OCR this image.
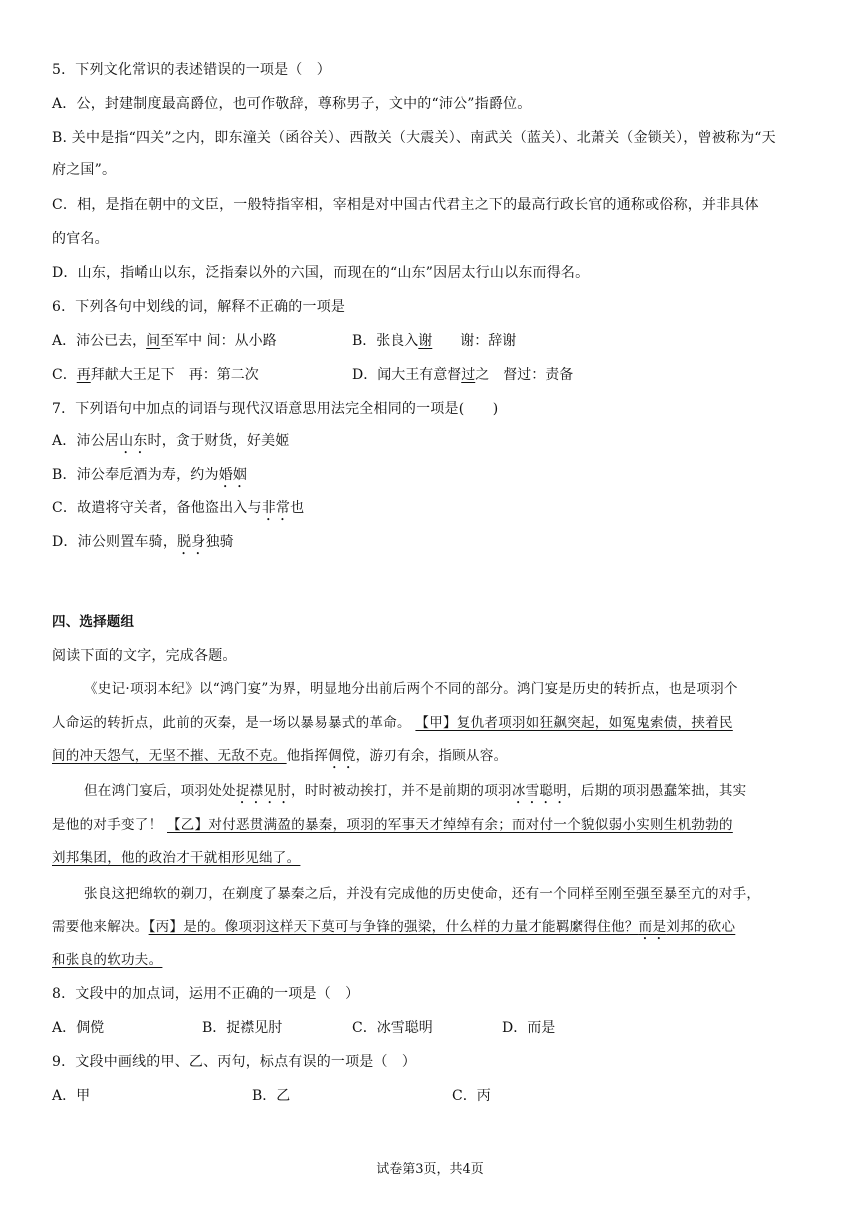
5．下列文化常识的表述错误的一项是（　）
A．公，封建制度最高爵位，也可作敬辞，尊称男子，文中的“沛公”指爵位。
B. 关中是指“四关”之内，即东潼关（函谷关）、西散关（大震关）、南武关（蓝关）、北萧关（金锁关），曾被称为“天
府之国”。
C．相，是指在朝中的文臣，一般特指宰相，宰相是对中国古代君主之下的最高行政长官的通称或俗称，并非具体
的官名。
D．山东，指崤山以东，泛指秦以外的六国，而现在的“山东”因居太行山以东而得名。
6．下列各句中划线的词，解释不正确的一项是
A．沛公已去，间至军中 间：从小路	B．张良入谢 谢：辞谢
C．再拜献大王足下　再：第二次	D．闻大王有意督过之　督过：责备
7．下列语句中加点的词语与现代汉语意思用法完全相同的一项是(　　)
A．沛公居山东时，贪于财货，好美姬
B．沛公奉卮酒为寿，约为婚姻
C．故遣将守关者，备他盗出入与非常也
D．沛公则置车骑，脱身独骑
四、选择题组
阅读下面的文字，完成各题。
《史记·项羽本纪》以“鸿门宴”为界，明显地分出前后两个不同的部分。鸿门宴是历史的转折点，也是项羽个
人命运的转折点，此前的灭秦，是一场以暴易暴式的革命。 【甲】复仇者项羽如狂飙突起，如冤鬼索债，挟着民
间的冲天怨气，无坚不摧、无敌不克。他指挥倜傥，游刃有余，指顾从容。
但在鸿门宴后，项羽处处捉襟见肘，时时被动挨打，并不是前期的项羽冰雪聪明，后期的项羽愚蠢笨拙，其实
是他的对手变了！ 【乙】对付恶贯满盈的暴秦，项羽的军事天才绰绰有余；而对付一个貌似弱小实则生机勃勃的
刘邦集团，他的政治才干就相形见绌了。
张良这把绵软的剃刀，在剃度了暴秦之后，并没有完成他的历史使命，还有一个同样至刚至强至暴至亢的对手，
需要他来解决。【丙】是的。像项羽这样天下莫可与争锋的强梁，什么样的力量才能羁縻得住他？而是刘邦的砍心
和张良的软功夫。
8．文段中的加点词，运用不正确的一项是（　）
A．倜傥	B．捉襟见肘	C．冰雪聪明	D．而是
9．文段中画线的甲、乙、丙句，标点有误的一项是（　）
A．甲	B．乙	C．丙
试卷第3页，共4页
